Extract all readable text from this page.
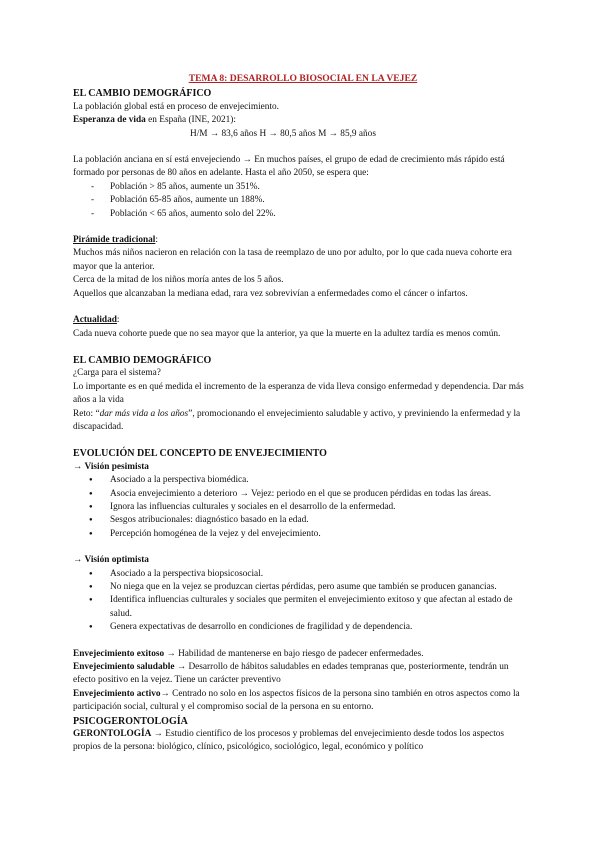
TEMA 8: DESARROLLO BIOSOCIAL EN LA VEJEZ
EL CAMBIO DEMOGRÁFICO

La población global está en proceso de envejecimiento.

Esperanza de vida en España (INE, 2021):

H/M → 83,6 años H → 80,5 años M → 85,9 años

La población anciana en sí está envejeciendo → En muchos países, el grupo de edad de crecimiento más rápido está formado por personas de 80 años en adelante. Hasta el año 2050, se espera que:

- Población > 85 años, aumente un 351%.
- Población 65-85 años, aumente un 188%.
- Población < 65 años, aumento solo del 22%.

Pirámide tradicional:

Muchos más niños nacieron en relación con la tasa de reemplazo de uno por adulto, por lo que cada nueva cohorte era mayor que la anterior.

Cerca de la mitad de los niños moría antes de los 5 años.

Aquellos que alcanzaban la mediana edad, rara vez sobrevivían a enfermedades como el cáncer o infartos.

Actualidad:

Cada nueva cohorte puede que no sea mayor que la anterior, ya que la muerte en la adultez tardía es menos común.

EL CAMBIO DEMOGRÁFICO

¿Carga para el sistema?

Lo importante es en qué medida el incremento de la esperanza de vida lleva consigo enfermedad y dependencia. Dar más años a la vida

Reto: “dar más vida a los años”, promocionando el envejecimiento saludable y activo, y previniendo la enfermedad y la discapacidad.

EVOLUCIÓN DEL CONCEPTO DE ENVEJECIMIENTO

→ Visión pesimista

● Asociado a la perspectiva biomédica.
● Asocia envejecimiento a deterioro → Vejez: periodo en el que se producen pérdidas en todas las áreas.
● Ignora las influencias culturales y sociales en el desarrollo de la enfermedad.
● Sesgos atribucionales: diagnóstico basado en la edad.
● Percepción homogénea de la vejez y del envejecimiento.

→ Visión optimista

● Asociado a la perspectiva biopsicosocial.
● No niega que en la vejez se produzcan ciertas pérdidas, pero asume que también se producen ganancias.
● Identifica influencias culturales y sociales que permiten el envejecimiento exitoso y que afectan al estado de salud.
● Genera expectativas de desarrollo en condiciones de fragilidad y de dependencia.

Envejecimiento exitoso → Habilidad de mantenerse en bajo riesgo de padecer enfermedades.

Envejecimiento saludable → Desarrollo de hábitos saludables en edades tempranas que, posteriormente, tendrán un efecto positivo en la vejez. Tiene un carácter preventivo

Envejecimiento activo→ Centrado no solo en los aspectos físicos de la persona sino también en otros aspectos como la participación social, cultural y el compromiso social de la persona en su entorno.

PSICOGERONTOLOGÍA

GERONTOLOGÍA → Estudio científico de los procesos y problemas del envejecimiento desde todos los aspectos propios de la persona: biológico, clínico, psicológico, sociológico, legal, económico y político
